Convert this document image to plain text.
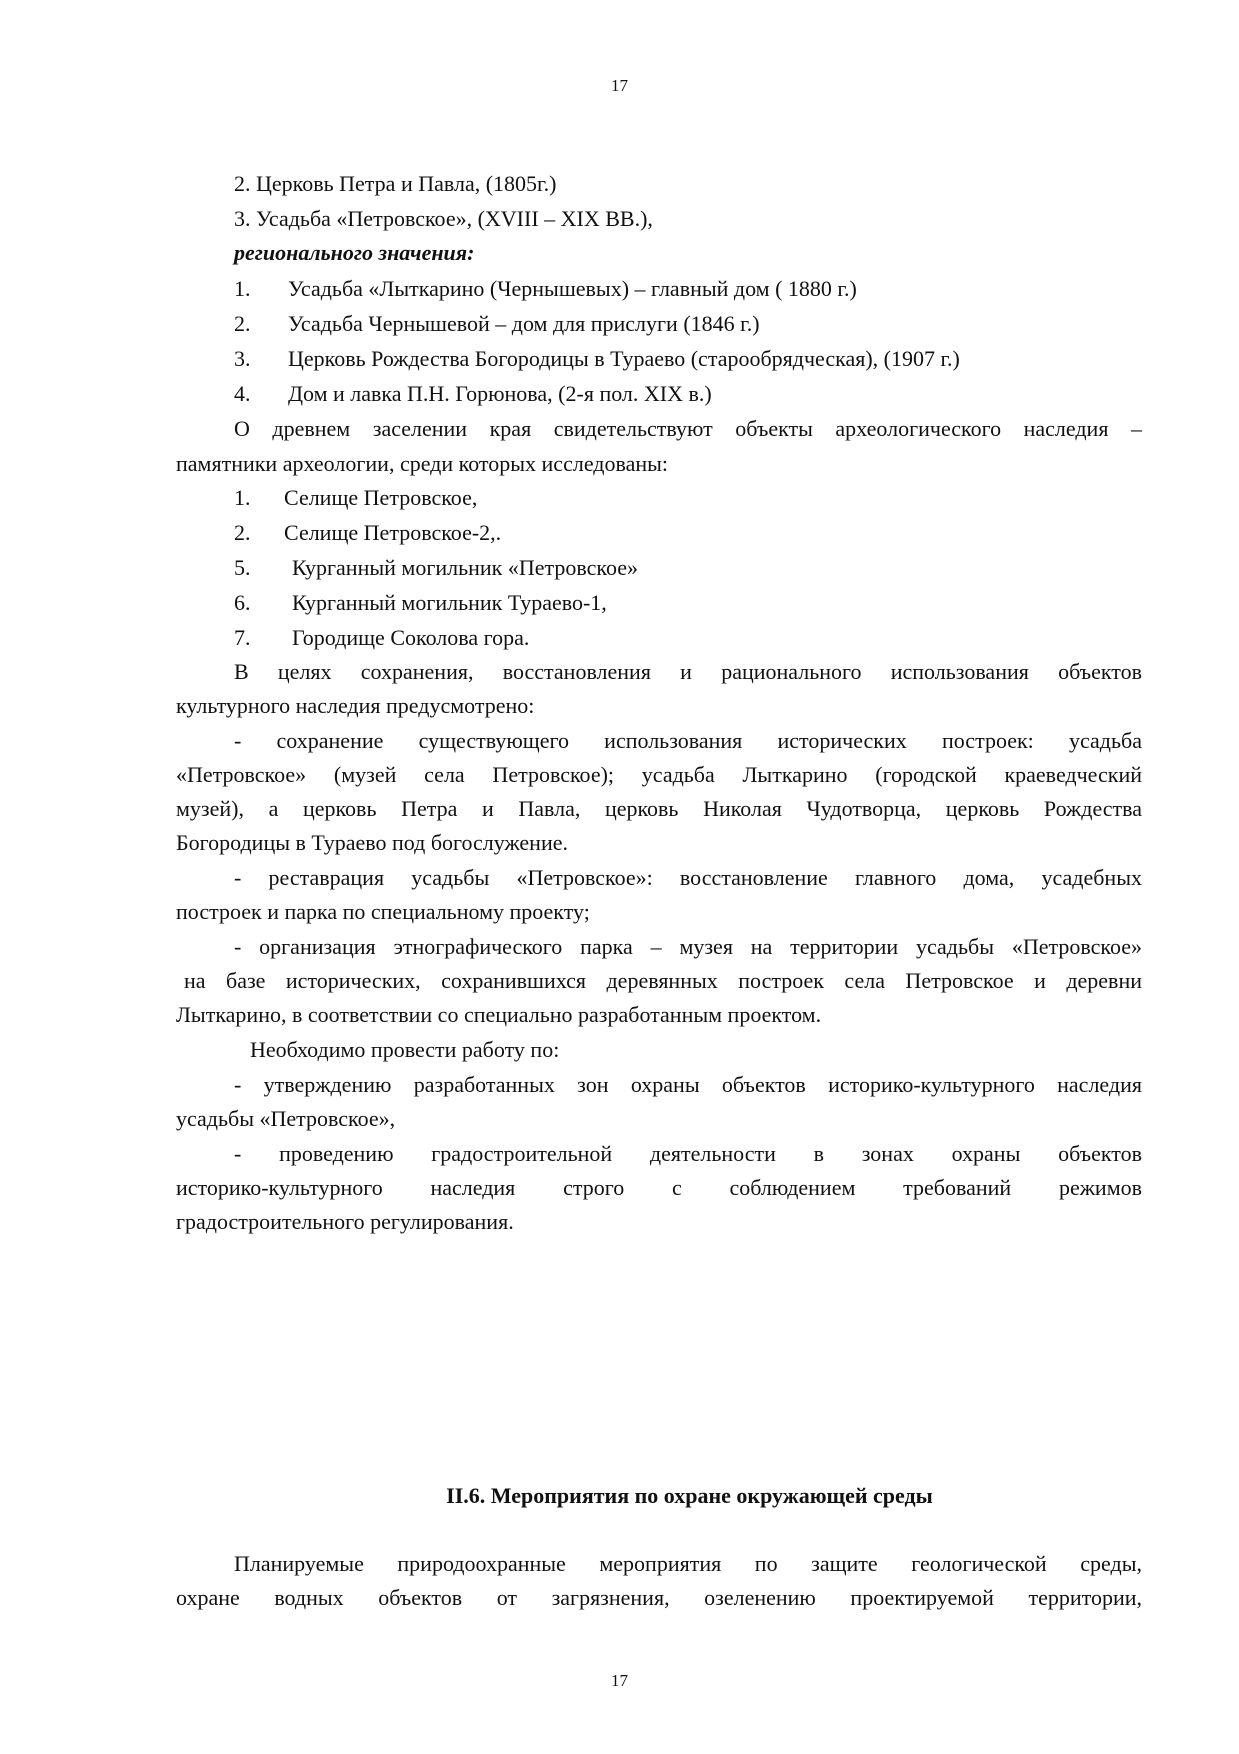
17
2. Церковь Петра и Павла, (1805г.)
3. Усадьба «Петровское», (XVIII – XIX ВВ.),
регионального значения:
1. Усадьба «Лыткарино (Чернышевых) – главный дом ( 1880 г.)
2. Усадьба Чернышевой – дом для прислуги (1846 г.)
3. Церковь Рождества Богородицы в Тураево (старообрядческая), (1907 г.)
4. Дом и лавка П.Н. Горюнова, (2-я пол. XIX в.)
О древнем заселении края свидетельствуют объекты археологического наследия –
памятники археологии, среди которых исследованы:
1. Селище Петровское,
2. Селище Петровское-2,.
5. Курганный могильник «Петровское»
6. Курганный могильник Тураево-1,
7. Городище Соколова гора.
В целях сохранения, восстановления и рационального использования объектов
культурного наследия предусмотрено:
- сохранение существующего использования исторических построек: усадьба
«Петровское» (музей села Петровское); усадьба Лыткарино (городской краеведческий
музей), а церковь Петра и Павла, церковь Николая Чудотворца, церковь Рождества
Богородицы в Тураево под богослужение.
- реставрация усадьбы «Петровское»: восстановление главного дома, усадебных
построек и парка по специальному проекту;
- организация этнографического парка – музея на территории усадьбы «Петровское»
на базе исторических, сохранившихся деревянных построек села Петровское и деревни
Лыткарино, в соответствии со специально разработанным проектом.
Необходимо провести работу по:
- утверждению разработанных зон охраны объектов историко-культурного наследия
усадьбы «Петровское»,
- проведению градостроительной деятельности в зонах охраны объектов
историко-культурного наследия строго с соблюдением требований режимов
градостроительного регулирования.
II.6. Мероприятия по охране окружающей среды
Планируемые природоохранные мероприятия по защите геологической среды,
охране водных объектов от загрязнения, озеленению проектируемой территории,
17
